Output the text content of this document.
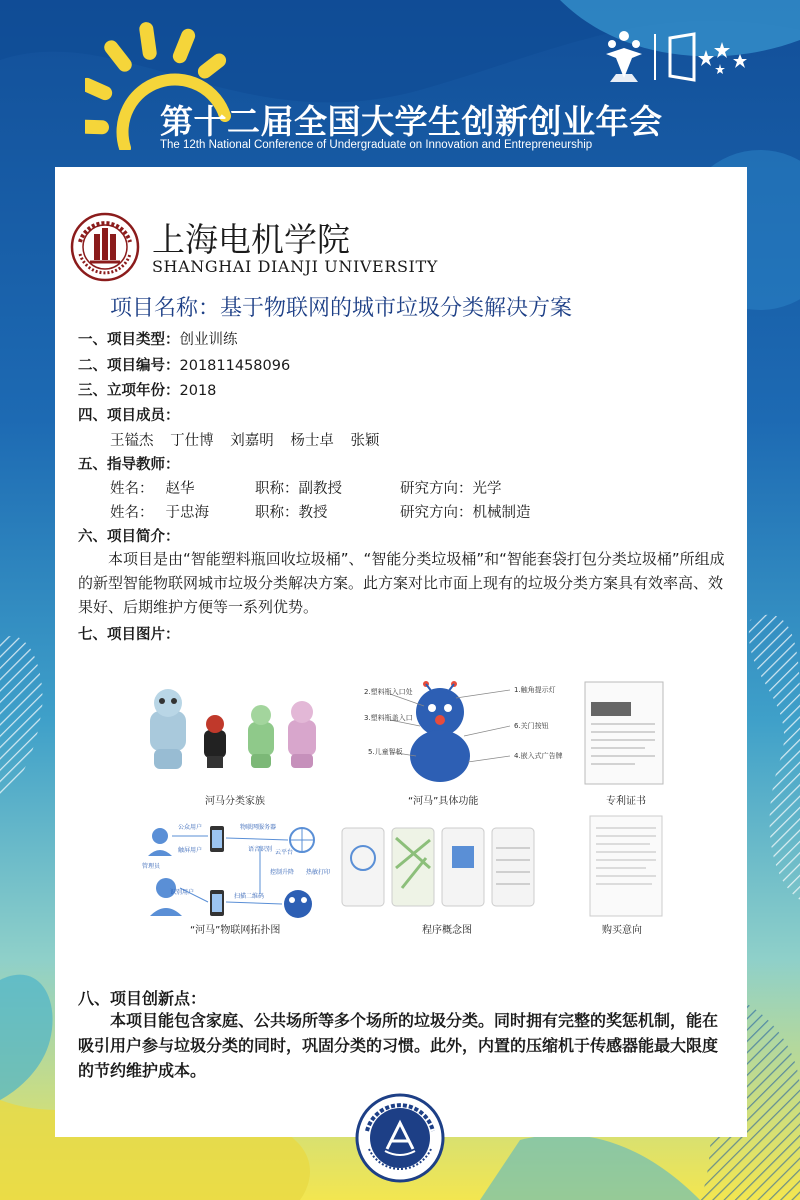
第十二届全国大学生创新创业年会
The 12th National Conference of Undergraduate on Innovation and Entrepreneurship
上海电机学院
SHANGHAI DIANJI UNIVERSITY
项目名称：基于物联网的城市垃圾分类解决方案
一、项目类型：创业训练
二、项目编号：201811458096
三、立项年份：2018
四、项目成员：
王镒杰 丁仕博 刘嘉明 杨士卓 张颖
五、指导教师：
姓名： 赵华	职称：副教授	研究方向：光学
姓名： 于忠海	职称：教授	研究方向：机械制造
六、项目简介：
本项目是由“智能塑料瓶回收垃圾桶”、“智能分类垃圾桶”和“智能套袋打包分类垃圾桶”所组成的新型智能物联网城市垃圾分类解决方案。此方案对比市面上现有的垃圾分类方案具有效率高、效果好、后期维护方便等一系列优势。
七、项目图片：
2.塑料瓶入口处
3.塑料瓶盖入口
5.儿童智板
1.触角提示灯
6.关门按钮
4.嵌入式广告牌
公众用户
管理员
物联网服务器
云平台
触屏用户
识别用户
语音识别
控制升降 热敏打印
扫描二维码
河马分类家族	“河马”具体功能	专利证书
“河马”物联网拓扑图	程序概念图	购买意向
八、项目创新点：
本项目能包含家庭、公共场所等多个场所的垃圾分类。同时拥有完整的奖惩机制，能在吸引用户参与垃圾分类的同时，巩固分类的习惯。此外，内置的压缩机于传感器能最大限度的节约维护成本。
